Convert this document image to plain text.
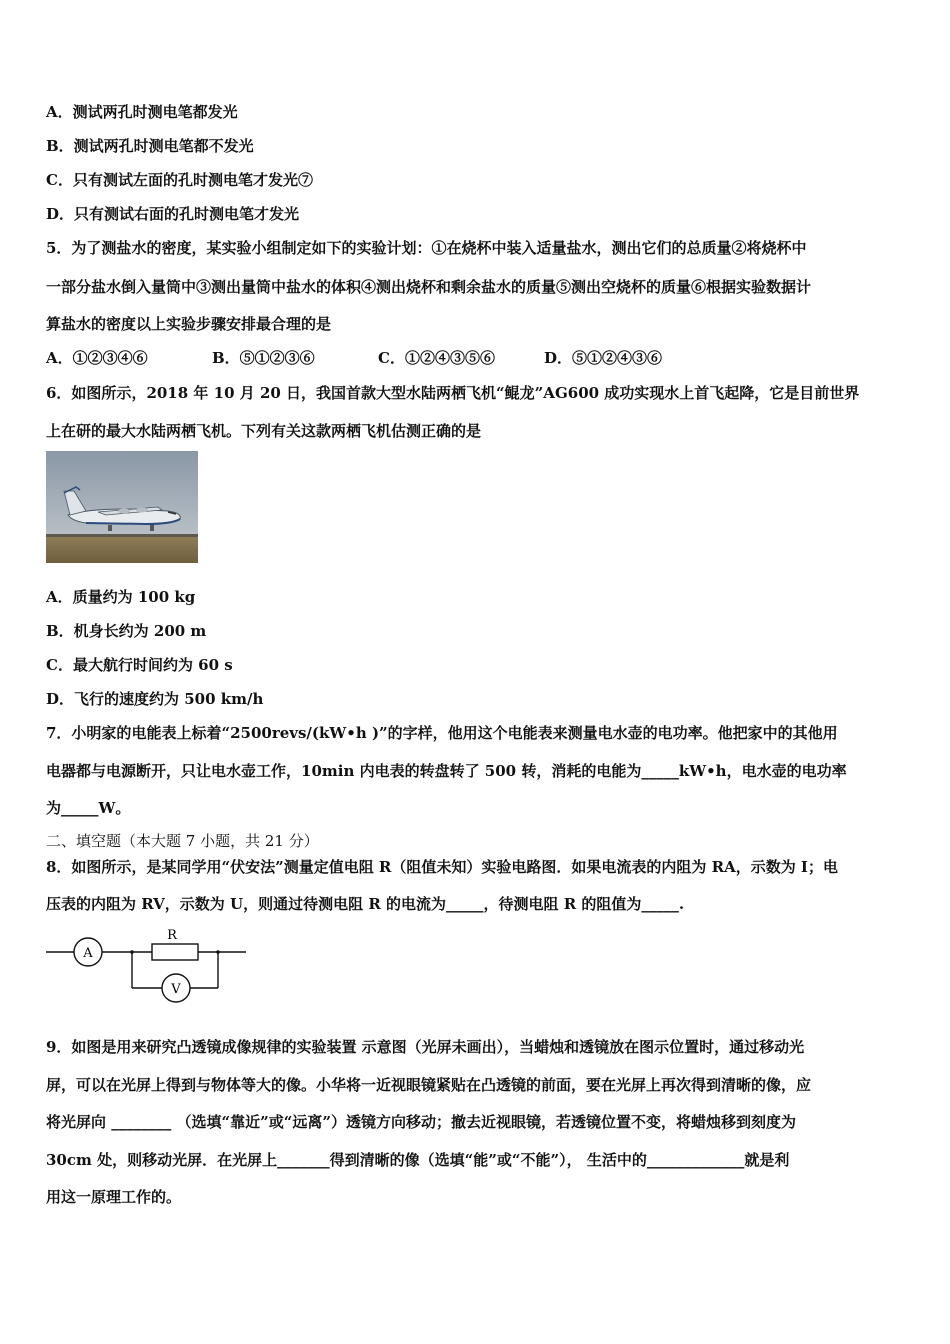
A．测试两孔时测电笔都发光
B．测试两孔时测电笔都不发光
C．只有测试左面的孔时测电笔才发光⑦
D．只有测试右面的孔时测电笔才发光
5．为了测盐水的密度，某实验小组制定如下的实验计划：①在烧杯中装入适量盐水，测出它们的总质量②将烧杯中
一部分盐水倒入量筒中③测出量筒中盐水的体积④测出烧杯和剩余盐水的质量⑤测出空烧杯的质量⑥根据实验数据计
算盐水的密度以上实验步骤安排最合理的是
A．①②③④⑥	B．⑤①②③⑥	C．①②④③⑤⑥	D．⑤①②④③⑥
6．如图所示，2018 年 10 月 20 日，我国首款大型水陆两栖飞机“鲲龙”AG600 成功实现水上首飞起降，它是目前世界
上在研的最大水陆两栖飞机。下列有关这款两栖飞机估测正确的是
A．质量约为 100 kg
B．机身长约为 200 m
C．最大航行时间约为 60 s
D．飞行的速度约为 500 km/h
7．小明家的电能表上标着“2500revs/(kW•h )”的字样，他用这个电能表来测量电水壶的电功率。他把家中的其他用
电器都与电源断开，只让电水壶工作，10min 内电表的转盘转了 500 转，消耗的电能为_____kW•h，电水壶的电功率
为_____W。
二、填空题（本大题 7 小题，共 21 分）
8．如图所示，是某同学用“伏安法”测量定值电阻 R（阻值未知）实验电路图．如果电流表的内阻为 RA，示数为 I；电
压表的内阻为 RV，示数为 U，则通过待测电阻 R 的电流为_____，待测电阻 R 的阻值为_____.
A
R
V
9．如图是用来研究凸透镜成像规律的实验装置 示意图（光屏未画出），当蜡烛和透镜放在图示位置时，通过移动光
屏，可以在光屏上得到与物体等大的像。小华将一近视眼镜紧贴在凸透镜的前面，要在光屏上再次得到清晰的像，应
将光屏向 ________ （选填“靠近”或“远离”）透镜方向移动；撤去近视眼镜，若透镜位置不变，将蜡烛移到刻度为
30cm 处，则移动光屏．在光屏上_______得到清晰的像（选填“能”或“不能”）， 生活中的_____________就是利
用这一原理工作的。
